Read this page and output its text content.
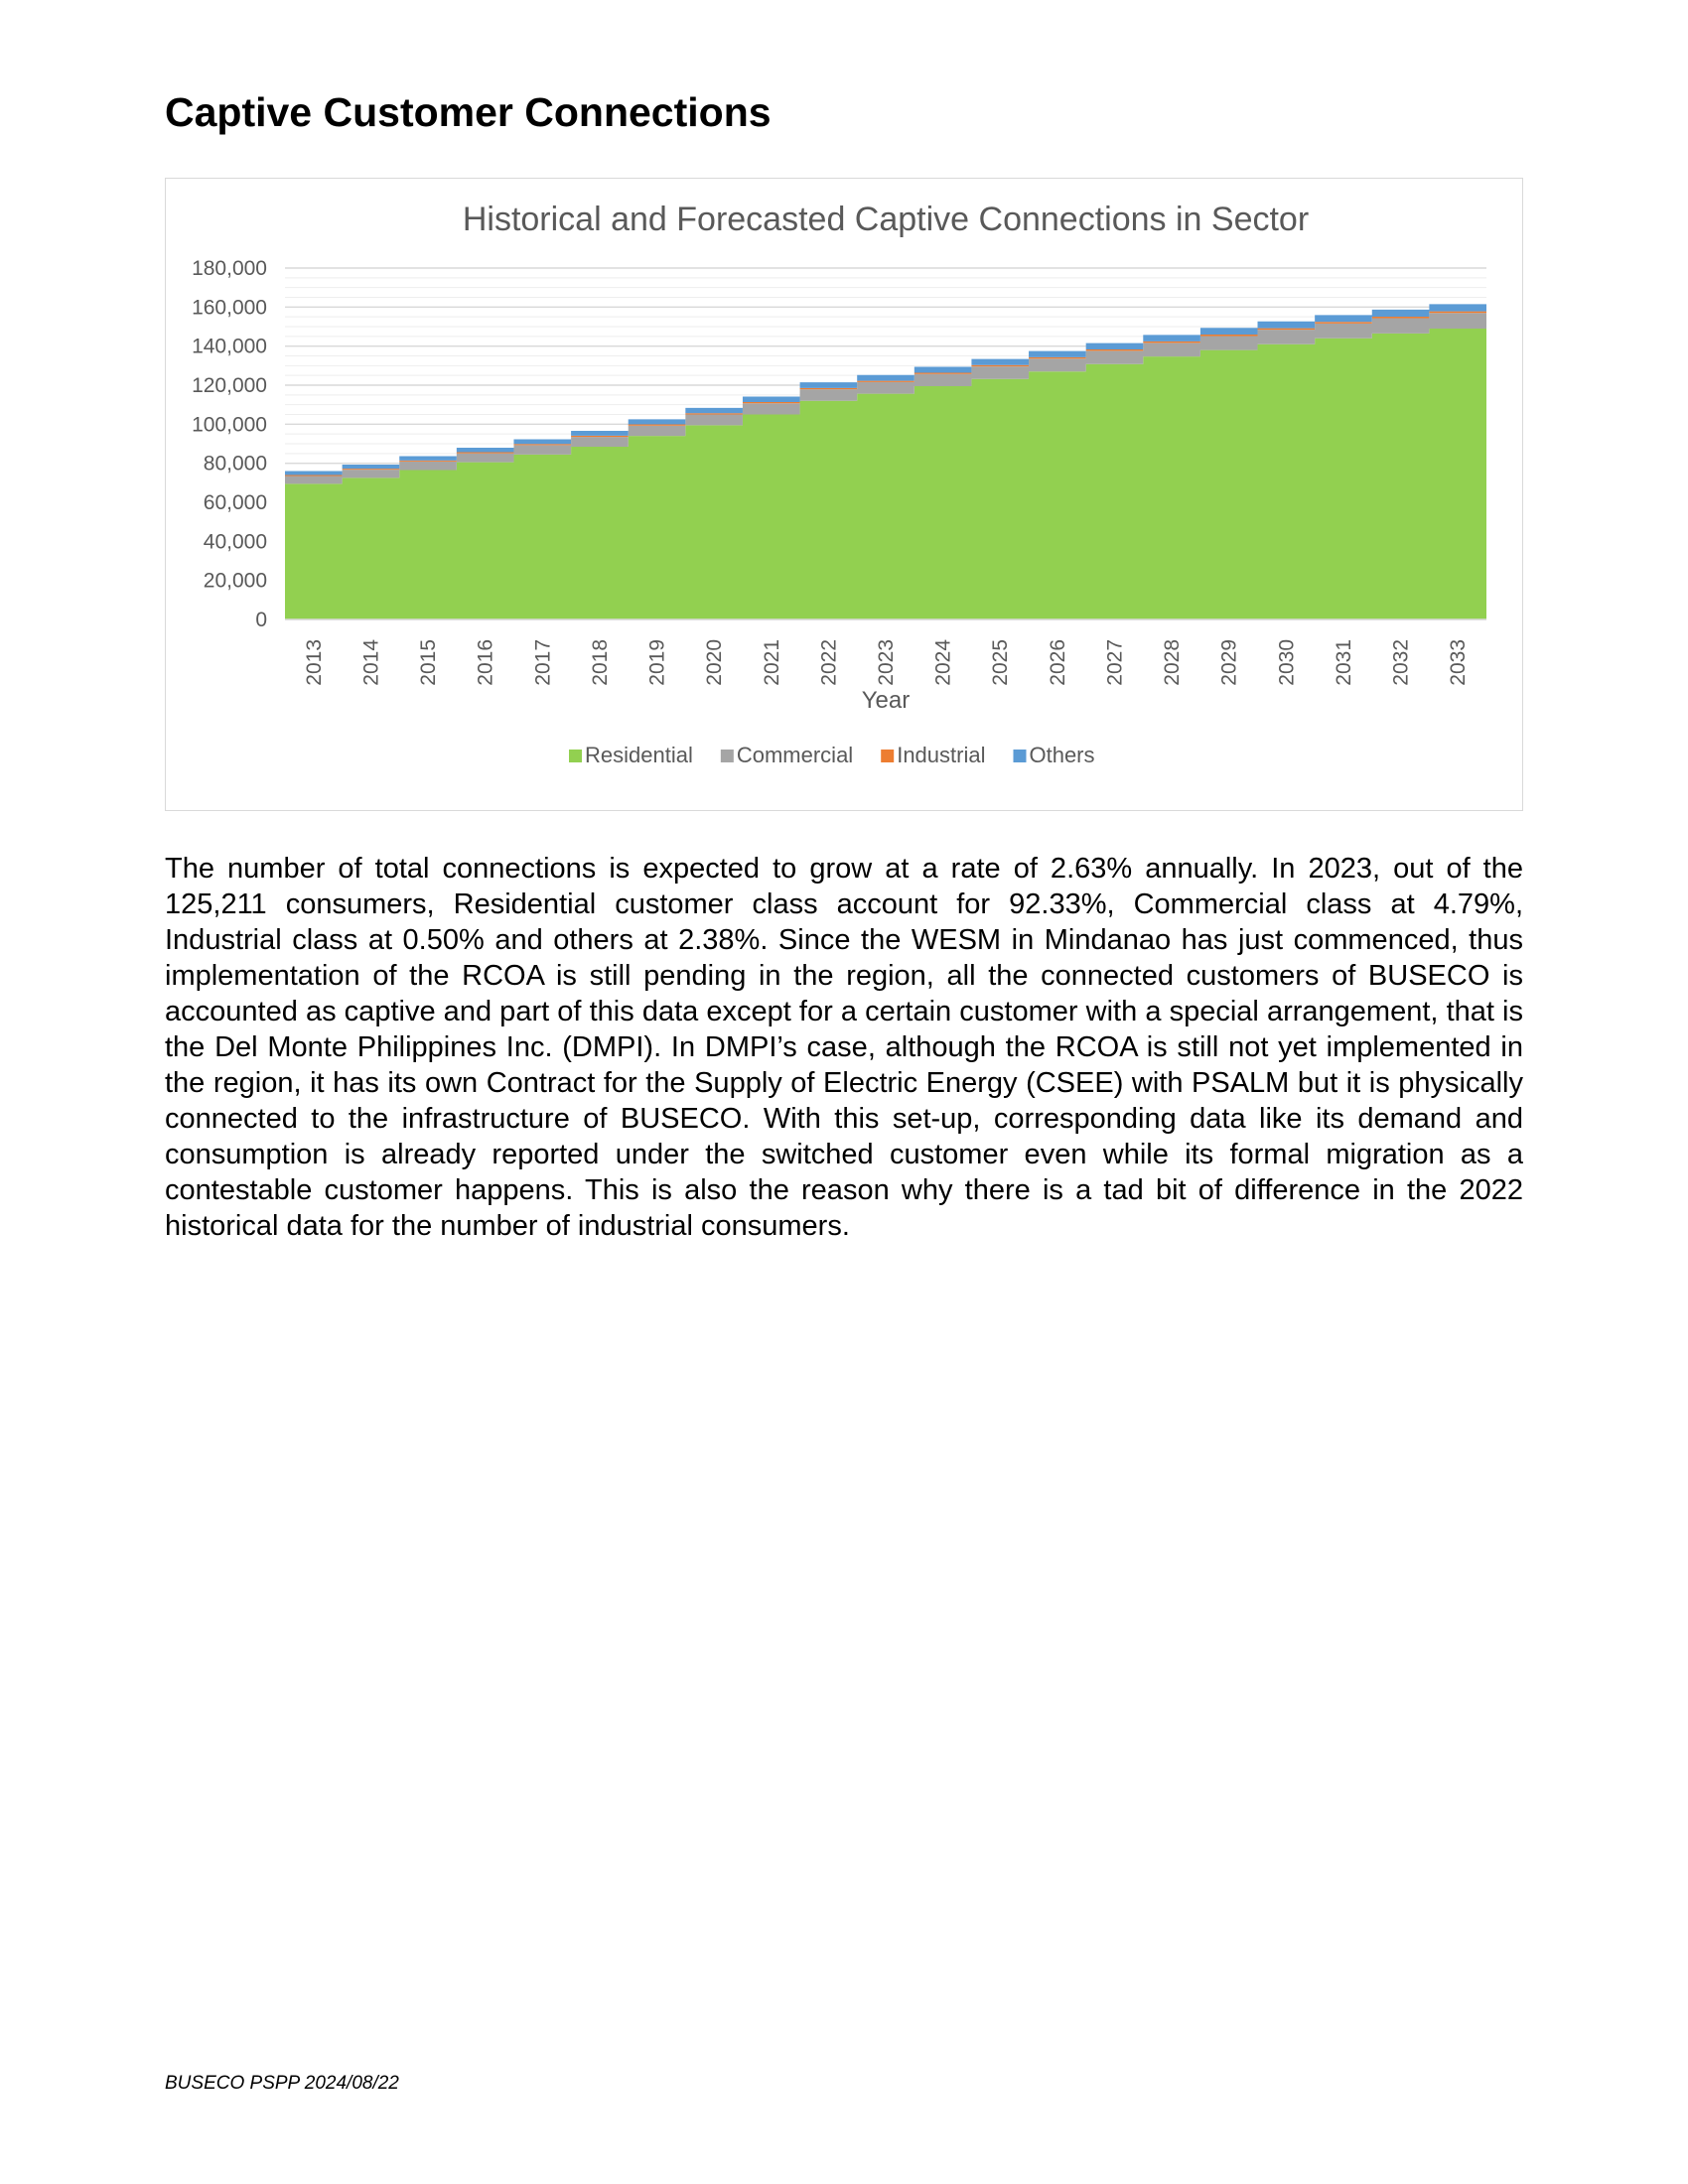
Captive Customer Connections
Historical and Forecasted Captive Connections in Sector
0
20,000
40,000
60,000
80,000
100,000
120,000
140,000
160,000
180,000
2013 2014 2015 2016 2017 2018 2019 2020 2021 2022 2023 2024 2025 2026 2027 2028 2029 2030 2031 2032 2033
Year
Residential Commercial Industrial Others

The number of total connections is expected to grow at a rate of 2.63% annually. In 2023, out of the 125,211 consumers, Residential customer class account for 92.33%, Commercial class at 4.79%, Industrial class at 0.50% and others at 2.38%. Since the WESM in Mindanao has just commenced, thus implementation of the RCOA is still pending in the region, all the connected customers of BUSECO is accounted as captive and part of this data except for a certain customer with a special arrangement, that is the Del Monte Philippines Inc. (DMPI). In DMPI’s case, although the RCOA is still not yet implemented in the region, it has its own Contract for the Supply of Electric Energy (CSEE) with PSALM but it is physically connected to the infrastructure of BUSECO. With this set-up, corresponding data like its demand and consumption is already reported under the switched customer even while its formal migration as a contestable customer happens. This is also the reason why there is a tad bit of difference in the 2022 historical data for the number of industrial consumers.

BUSECO PSPP 2024/08/22
